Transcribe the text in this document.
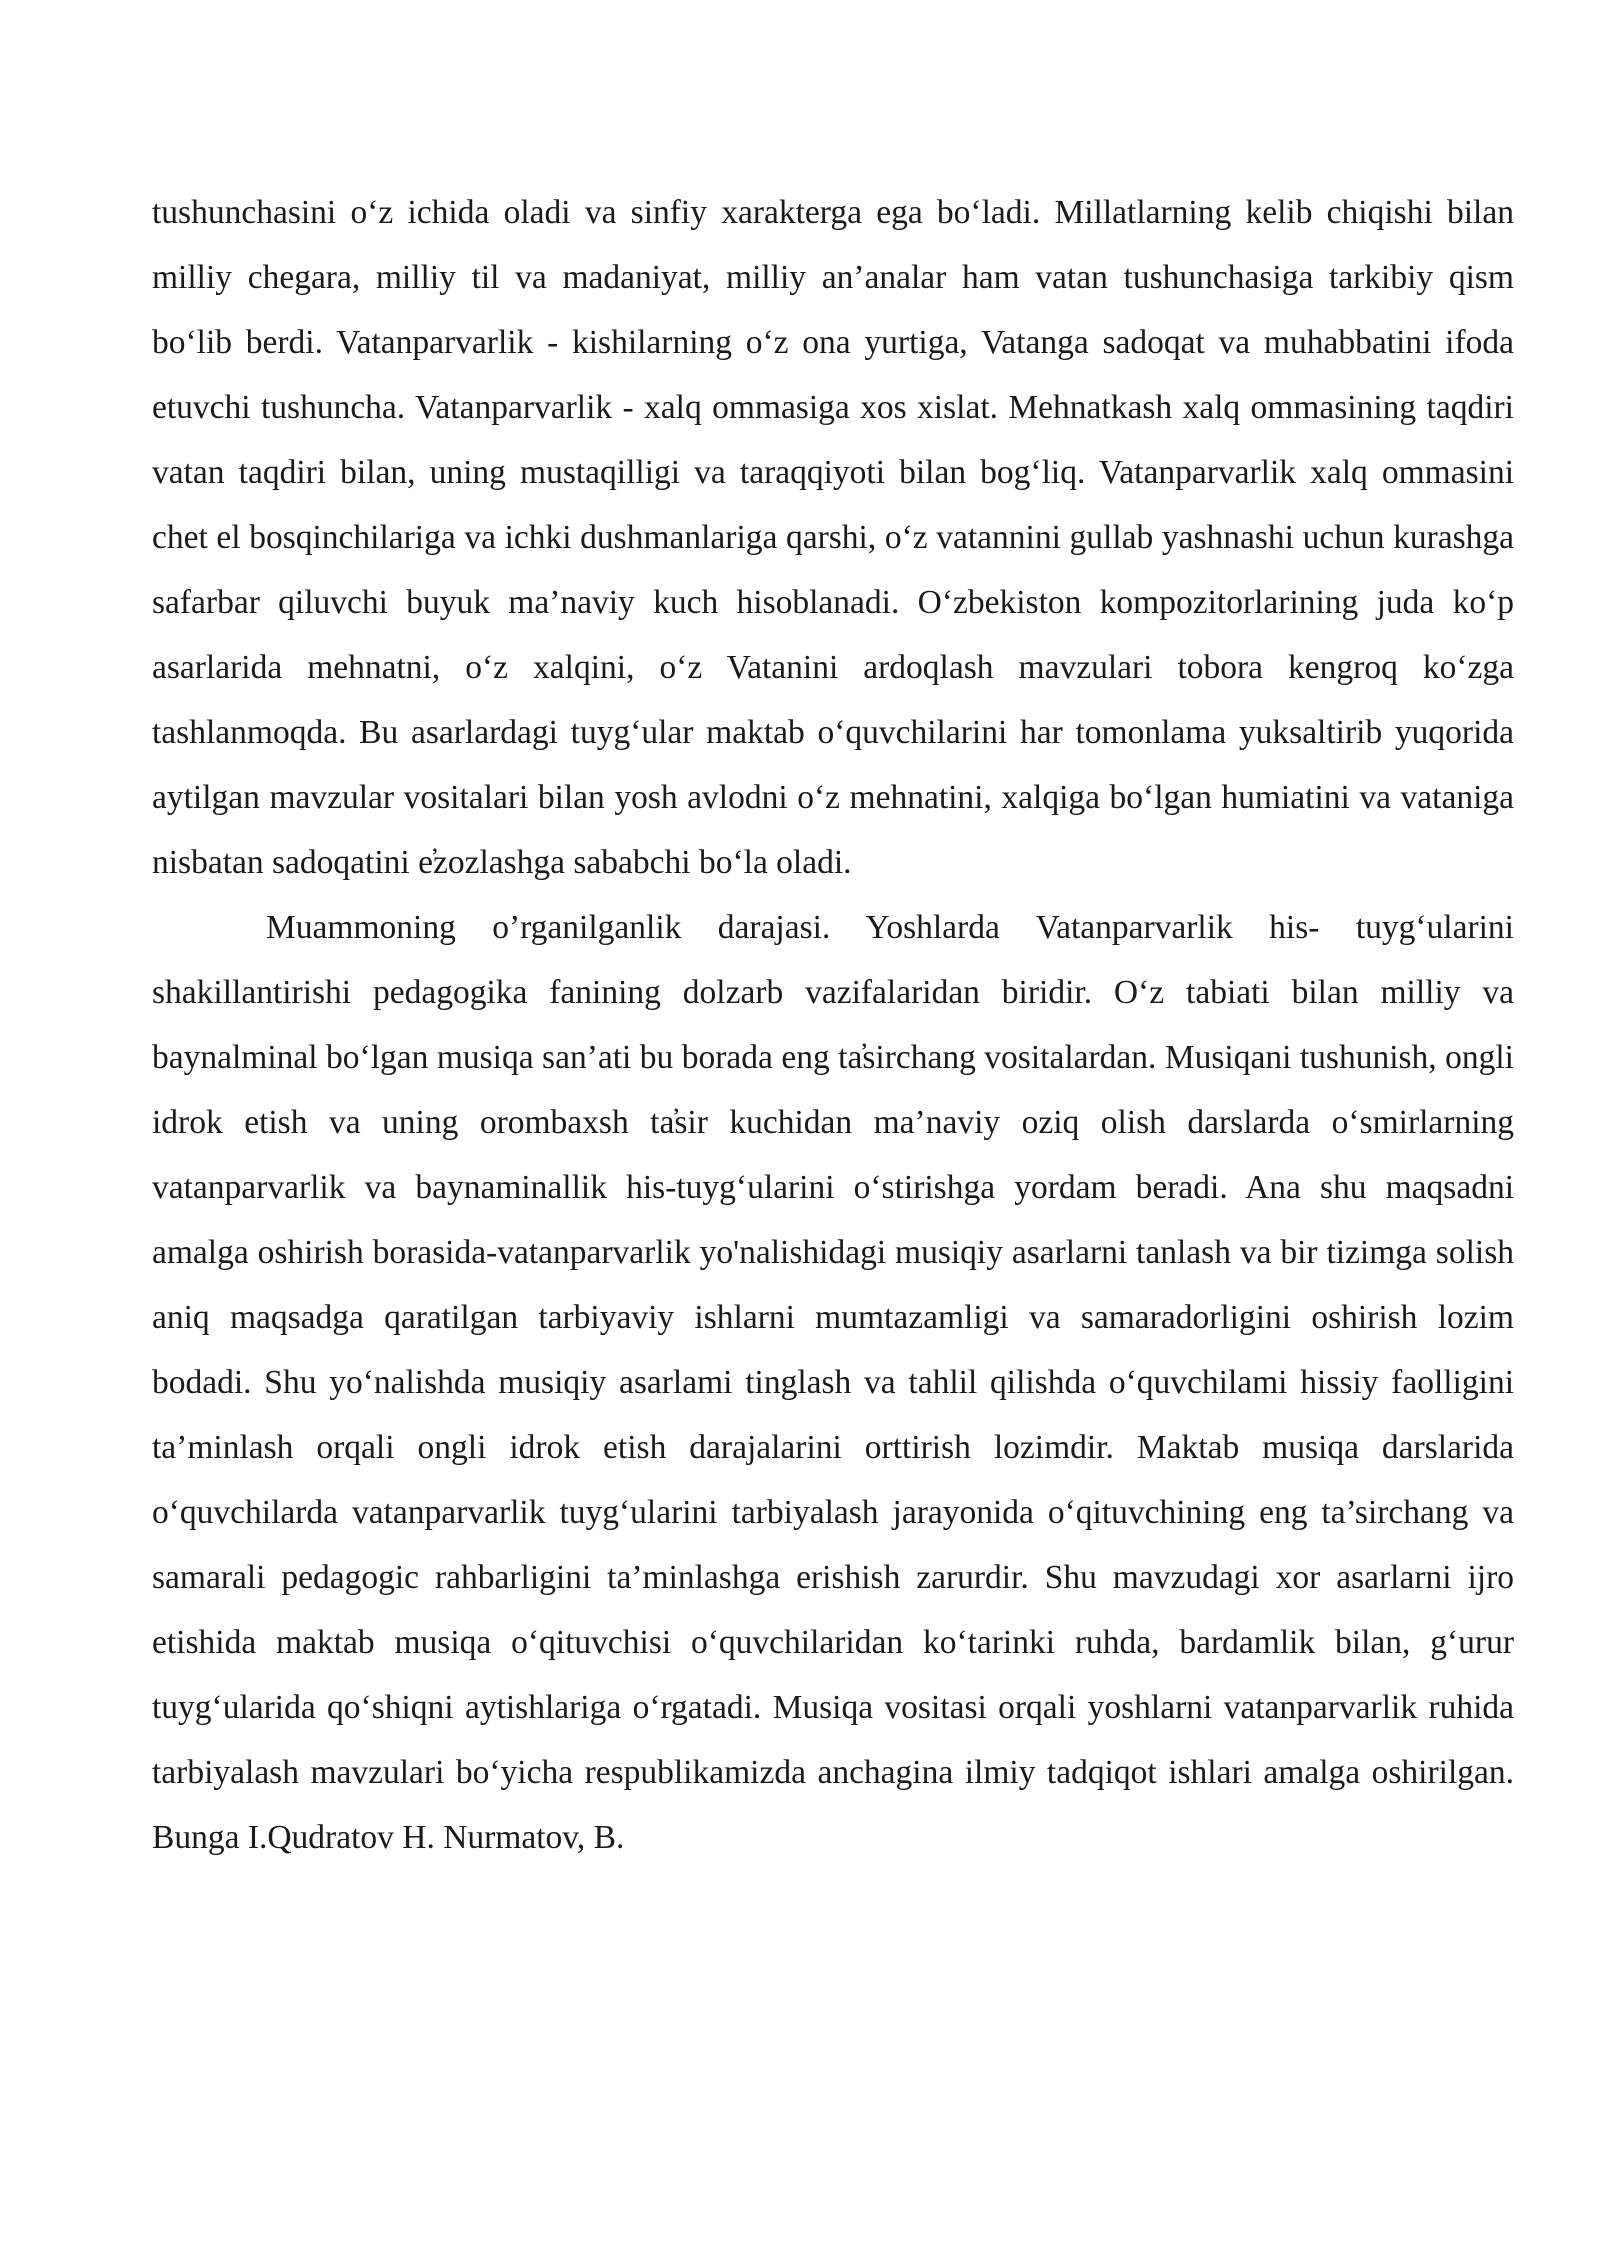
tushunchasini o‘z ichida oladi va sinfiy xarakterga ega bo‘ladi. Millatlarning kelib chiqishi bilan milliy chegara, milliy til va madaniyat, milliy an’analar ham vatan tushunchasiga tarkibiy qism bo‘lib berdi. Vatanparvarlik - kishilarning o‘z ona yurtiga, Vatanga sadoqat va muhabbatini ifoda etuvchi tushuncha. Vatanparvarlik - xalq ommasiga xos xislat. Mehnatkash xalq ommasining taqdiri vatan taqdiri bilan, uning mustaqilligi va taraqqiyoti bilan bog‘liq. Vatanparvarlik xalq ommasini chet el bosqinchilariga va ichki dushmanlariga qarshi, o‘z vatannini gullab yashnashi uchun kurashga safarbar qiluvchi buyuk ma’naviy kuch hisoblanadi. O‘zbekiston kompozitorlarining juda ko‘p asarlarida mehnatni, o‘z xalqini, o‘z Vatanini ardoqlash mavzulari tobora kengroq ko‘zga tashlanmoqda. Bu asarlardagi tuyg‘ular maktab o‘quvchilarini har tomonlama yuksaltirib yuqorida aytilgan mavzular vositalari bilan yosh avlodni o‘z mehnatini, xalqiga bo‘lgan humiatini va vataniga nisbatan sadoqatini e̕zozlashga sababchi bo‘la oladi.

Muammoning o’rganilganlik darajasi. Yoshlarda Vatanparvarlik his- tuyg‘ularini shakillantirishi pedagogika fanining dolzarb vazifalaridan biridir. O‘z tabiati bilan milliy va baynalminal bo‘lgan musiqa san’ati bu borada eng ta̕sirchang vositalardan. Musiqani tushunish, ongli idrok etish va uning orombaxsh ta̕sir kuchidan ma’naviy oziq olish darslarda o‘smirlarning vatanparvarlik va baynaminallik his-tuyg‘ularini o‘stirishga yordam beradi. Ana shu maqsadni amalga oshirish borasida-vatanparvarlik yo'nalishidagi musiqiy asarlarni tanlash va bir tizimga solish aniq maqsadga qaratilgan tarbiyaviy ishlarni mumtazamligi va samaradorligini oshirish lozim bodadi. Shu yo‘nalishda musiqiy asarlami tinglash va tahlil qilishda o‘quvchilami hissiy faolligini ta’minlash orqali ongli idrok etish darajalarini orttirish lozimdir. Maktab musiqa darslarida o‘quvchilarda vatanparvarlik tuyg‘ularini tarbiyalash jarayonida o‘qituvchining eng ta’sirchang va samarali pedagogic rahbarligini ta’minlashga erishish zarurdir. Shu mavzudagi xor asarlarni ijro etishida maktab musiqa o‘qituvchisi o‘quvchilaridan ko‘tarinki ruhda, bardamlik bilan, g‘urur tuyg‘ularida qo‘shiqni aytishlariga o‘rgatadi. Musiqa vositasi orqali yoshlarni vatanparvarlik ruhida tarbiyalash mavzulari bo‘yicha respublikamizda anchagina ilmiy tadqiqot ishlari amalga oshirilgan. Bunga I.Qudratov H. Nurmatov, B.
